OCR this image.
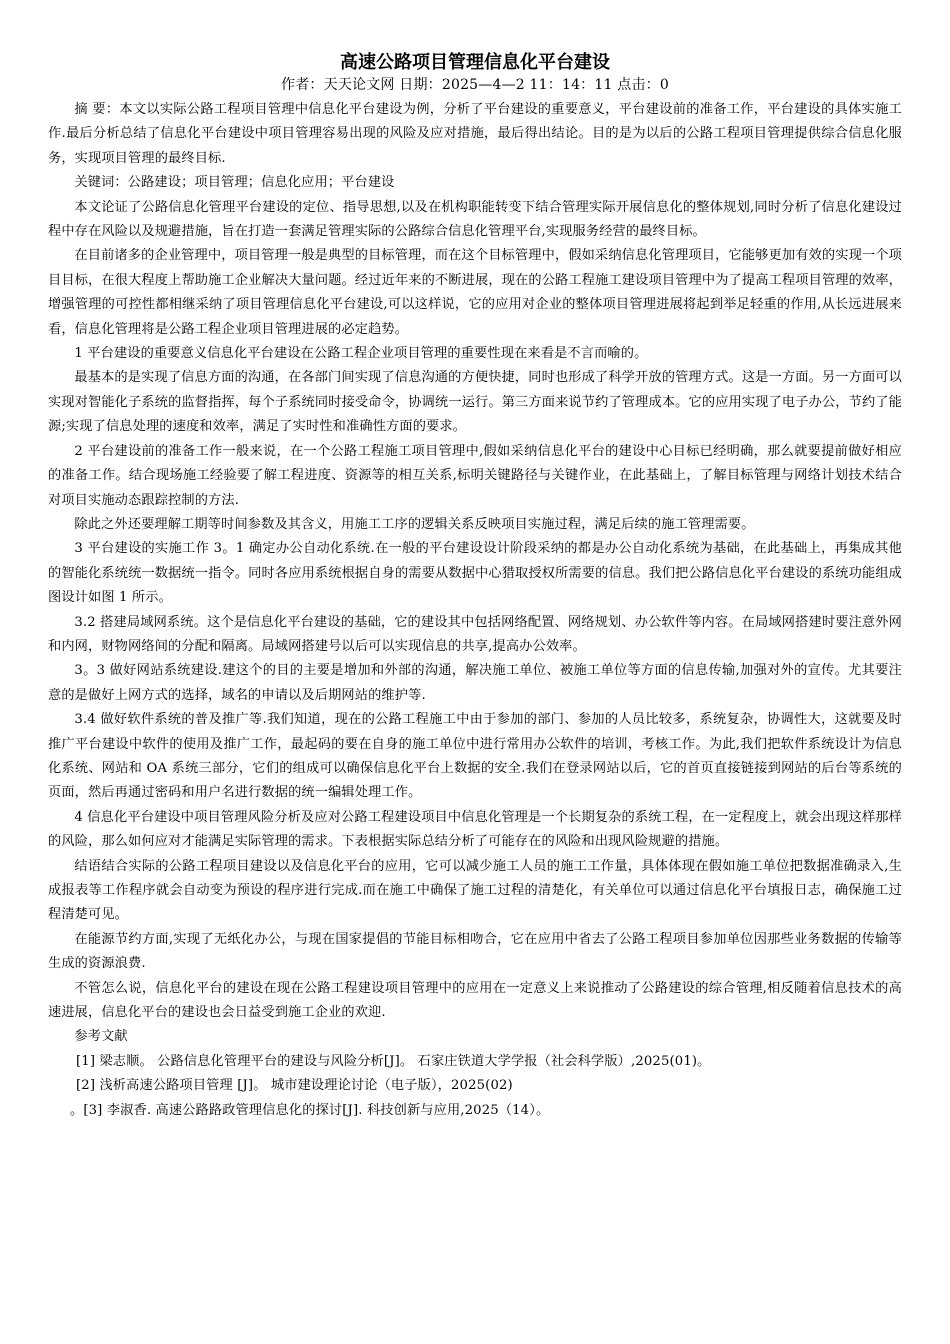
高速公路项目管理信息化平台建设

作者：天天论文网 日期：2025—4—2 11：14：11 点击：0

摘 要：本文以实际公路工程项目管理中信息化平台建设为例，分析了平台建设的重要意义，平台建设前的准备工作，平台建设的具体实施工作.最后分析总结了信息化平台建设中项目管理容易出现的风险及应对措施，最后得出结论。目的是为以后的公路工程项目管理提供综合信息化服务，实现项目管理的最终目标.

关键词：公路建设；项目管理；信息化应用；平台建设

本文论证了公路信息化管理平台建设的定位、指导思想,以及在机构职能转变下结合管理实际开展信息化的整体规划,同时分析了信息化建设过程中存在风险以及规避措施，旨在打造一套满足管理实际的公路综合信息化管理平台,实现服务经营的最终目标。

在目前诸多的企业管理中，项目管理一般是典型的目标管理，而在这个目标管理中，假如采纳信息化管理项目，它能够更加有效的实现一个项目目标，在很大程度上帮助施工企业解决大量问题。经过近年来的不断进展，现在的公路工程施工建设项目管理中为了提高工程项目管理的效率，增强管理的可控性都相继采纳了项目管理信息化平台建设,可以这样说，它的应用对企业的整体项目管理进展将起到举足轻重的作用,从长远进展来看，信息化管理将是公路工程企业项目管理进展的必定趋势。

1 平台建设的重要意义信息化平台建设在公路工程企业项目管理的重要性现在来看是不言而喻的。

最基本的是实现了信息方面的沟通，在各部门间实现了信息沟通的方便快捷，同时也形成了科学开放的管理方式。这是一方面。另一方面可以实现对智能化子系统的监督指挥，每个子系统同时接受命令，协调统一运行。第三方面来说节约了管理成本。它的应用实现了电子办公，节约了能源;实现了信息处理的速度和效率，满足了实时性和准确性方面的要求。

2 平台建设前的准备工作一般来说，在一个公路工程施工项目管理中,假如采纳信息化平台的建设中心目标已经明确，那么就要提前做好相应的准备工作。结合现场施工经验要了解工程进度、资源等的相互关系,标明关键路径与关键作业，在此基础上，了解目标管理与网络计划技术结合对项目实施动态跟踪控制的方法.

除此之外还要理解工期等时间参数及其含义，用施工工序的逻辑关系反映项目实施过程，满足后续的施工管理需要。

3 平台建设的实施工作 3。1 确定办公自动化系统.在一般的平台建设设计阶段采纳的都是办公自动化系统为基础，在此基础上，再集成其他的智能化系统统一数据统一指令。同时各应用系统根据自身的需要从数据中心猎取授权所需要的信息。我们把公路信息化平台建设的系统功能组成图设计如图 1 所示。

3.2 搭建局域网系统。这个是信息化平台建设的基础，它的建设其中包括网络配置、网络规划、办公软件等内容。在局域网搭建时要注意外网和内网，财物网络间的分配和隔离。局域网搭建号以后可以实现信息的共享,提高办公效率。

3。3 做好网站系统建设.建这个的目的主要是增加和外部的沟通，解决施工单位、被施工单位等方面的信息传输,加强对外的宣传。尤其要注意的是做好上网方式的选择，域名的申请以及后期网站的维护等.

3.4 做好软件系统的普及推广等.我们知道，现在的公路工程施工中由于参加的部门、参加的人员比较多，系统复杂，协调性大，这就要及时推广平台建设中软件的使用及推广工作，最起码的要在自身的施工单位中进行常用办公软件的培训，考核工作。为此,我们把软件系统设计为信息化系统、网站和 OA 系统三部分，它们的组成可以确保信息化平台上数据的安全.我们在登录网站以后，它的首页直接链接到网站的后台等系统的页面，然后再通过密码和用户名进行数据的统一编辑处理工作。

4 信息化平台建设中项目管理风险分析及应对公路工程建设项目中信息化管理是一个长期复杂的系统工程，在一定程度上，就会出现这样那样的风险，那么如何应对才能满足实际管理的需求。下表根据实际总结分析了可能存在的风险和出现风险规避的措施。

结语结合实际的公路工程项目建设以及信息化平台的应用，它可以减少施工人员的施工工作量，具体体现在假如施工单位把数据准确录入,生成报表等工作程序就会自动变为预设的程序进行完成.而在施工中确保了施工过程的清楚化，有关单位可以通过信息化平台填报日志，确保施工过程清楚可见。

在能源节约方面,实现了无纸化办公，与现在国家提倡的节能目标相吻合，它在应用中省去了公路工程项目参加单位因那些业务数据的传输等生成的资源浪费.

不管怎么说，信息化平台的建设在现在公路工程建设项目管理中的应用在一定意义上来说推动了公路建设的综合管理,相反随着信息技术的高速进展，信息化平台的建设也会日益受到施工企业的欢迎.

参考文献

[1] 梁志顺。 公路信息化管理平台的建设与风险分析[J]。 石家庄铁道大学学报（社会科学版）,2025(01)。

[2] 浅析高速公路项目管理 [J]。 城市建设理论讨论（电子版），2025(02)

。[3] 李淑香. 高速公路路政管理信息化的探讨[J]. 科技创新与应用,2025（14）。
